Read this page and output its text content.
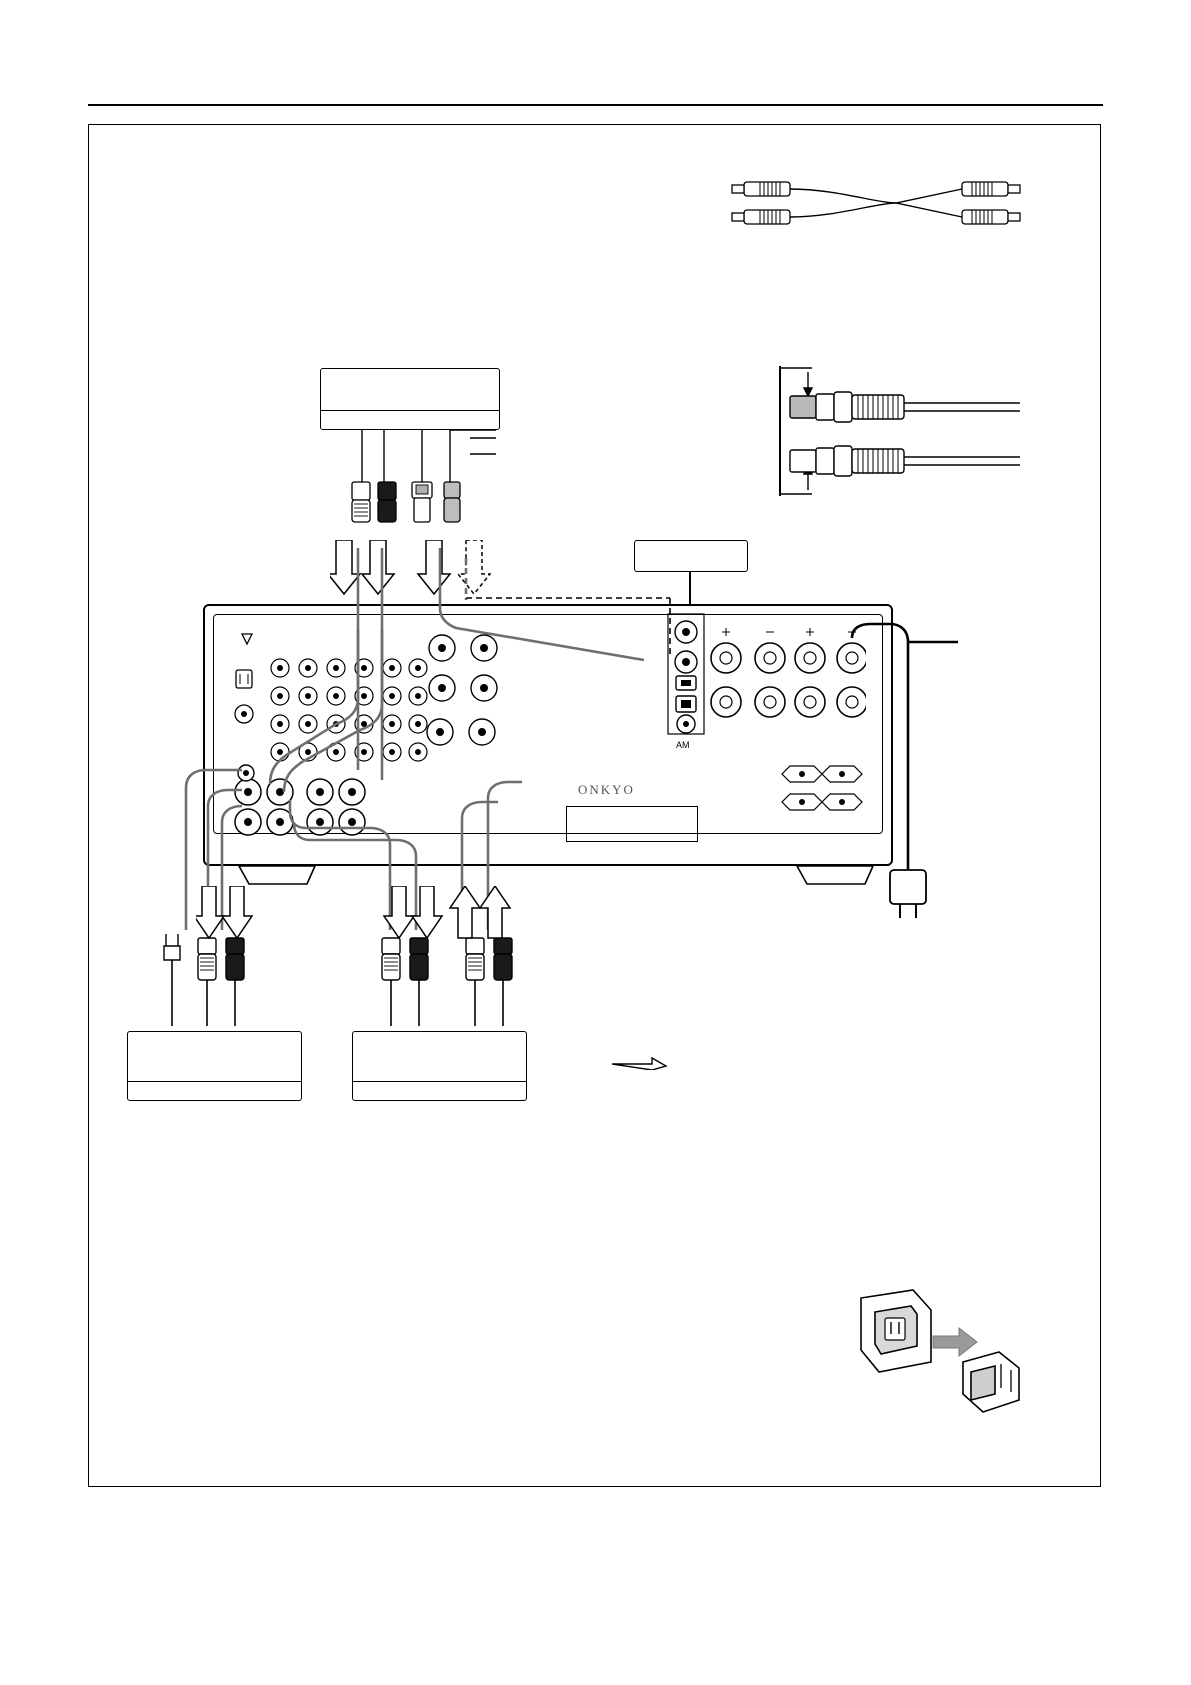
AM
ONKYO
